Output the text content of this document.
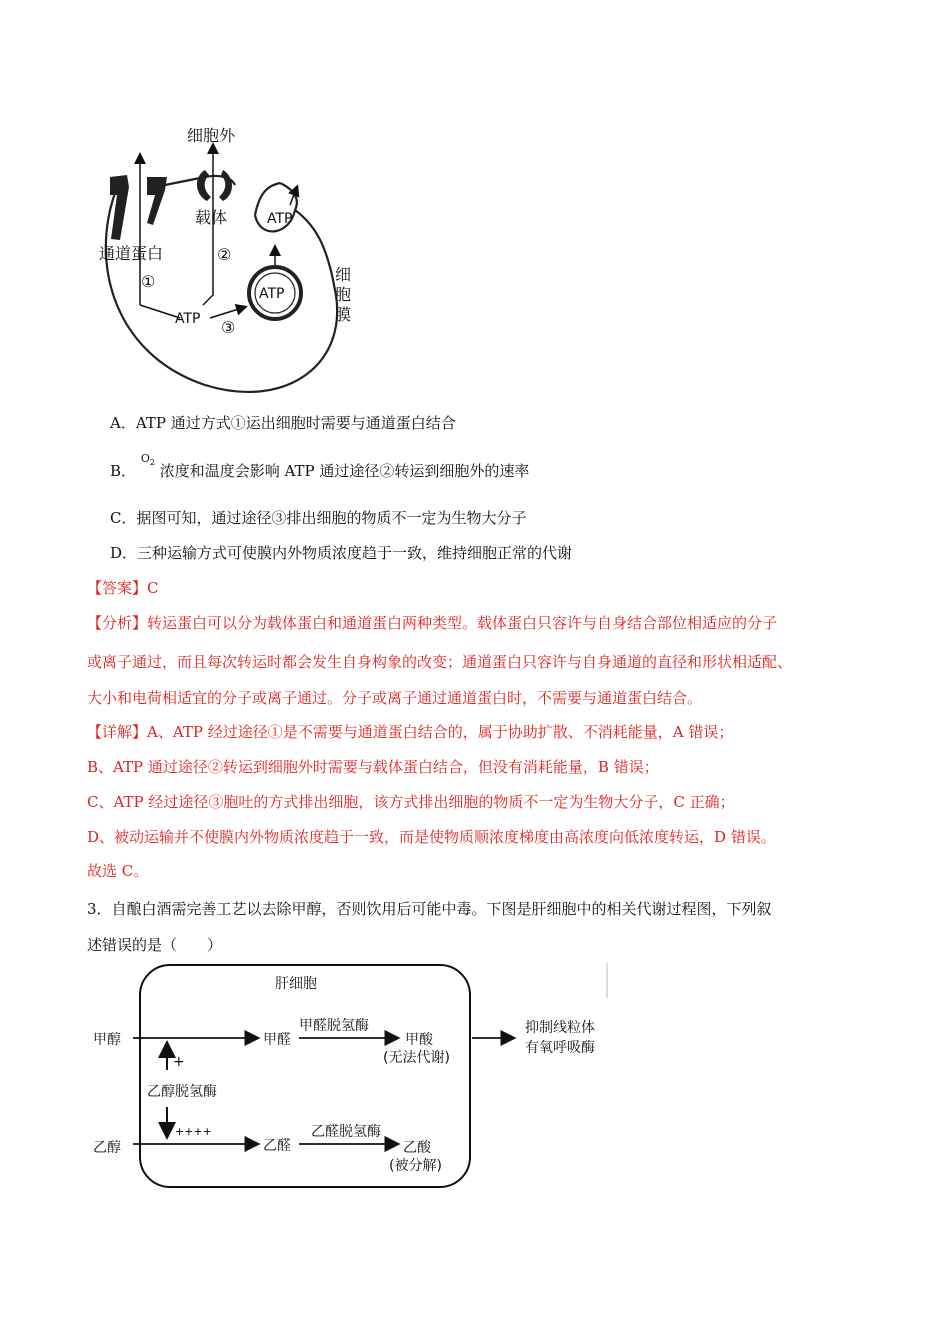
细胞外
载体
通道蛋白
①
②
③
ATP
ATP
ATP
细
胞
膜
A．ATP 通过方式①运出细胞时需要与通道蛋白结合
B． $^{O_2}$ 浓度和温度会影响 ATP 通过途径②转运到细胞外的速率
C．据图可知，通过途径③排出细胞的物质不一定为生物大分子
D．三种运输方式可使膜内外物质浓度趋于一致，维持细胞正常的代谢
【答案】C
【分析】转运蛋白可以分为载体蛋白和通道蛋白两种类型。载体蛋白只容许与自身结合部位相适应的分子
或离子通过，而且每次转运时都会发生自身构象的改变；通道蛋白只容许与自身通道的直径和形状相适配、
大小和电荷相适宜的分子或离子通过。分子或离子通过通道蛋白时，不需要与通道蛋白结合。
【详解】A、ATP 经过途径①是不需要与通道蛋白结合的，属于协助扩散、不消耗能量，A 错误；
B、ATP 通过途径②转运到细胞外时需要与载体蛋白结合，但没有消耗能量，B 错误；
C、ATP 经过途径③胞吐的方式排出细胞，该方式排出细胞的物质不一定为生物大分子，C 正确；
D、被动运输并不使膜内外物质浓度趋于一致，而是使物质顺浓度梯度由高浓度向低浓度转运，D 错误。
故选 C。
3．自酿白酒需完善工艺以去除甲醇，否则饮用后可能中毒。下图是肝细胞中的相关代谢过程图，下列叙
述错误的是（　　）
肝细胞
甲醇	甲醛
甲醛脱氢酶
甲酸
(无法代谢)
抑制线粒体
有氧呼吸酶
+
乙醇脱氢酶
++++
乙醇	乙醛
乙醛脱氢酶
乙酸
(被分解)
